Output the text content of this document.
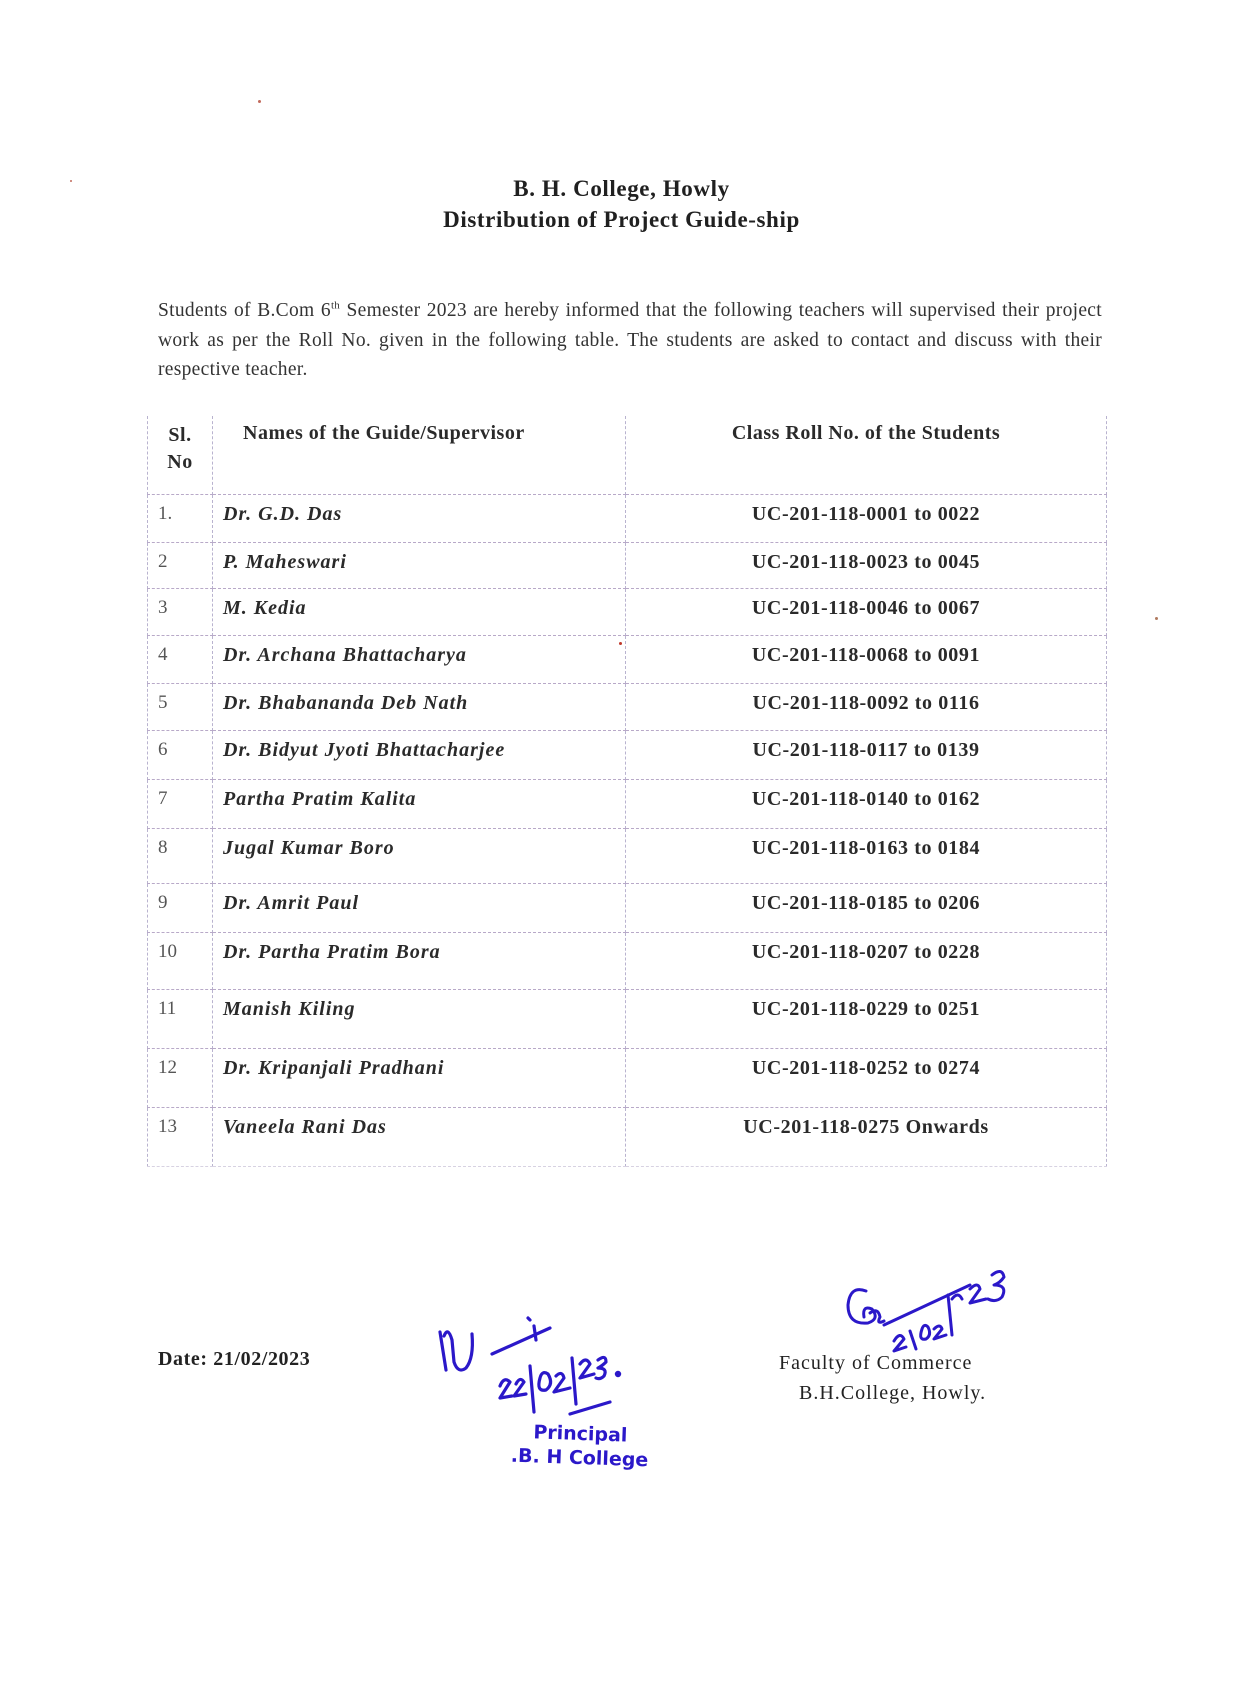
B. H. College, Howly
Distribution of Project Guide-ship
Students of B.Com 6th Semester 2023 are hereby informed that the following teachers will supervised their project work as per the Roll No. given in the following table. The students are asked to contact and discuss with their respective teacher.
Sl.
No	Names of the Guide/Supervisor	Class Roll No. of the Students
1.	Dr. G.D. Das	UC-201-118-0001 to 0022
2	P. Maheswari	UC-201-118-0023 to 0045
3	M. Kedia	UC-201-118-0046 to 0067
4	Dr. Archana Bhattacharya	UC-201-118-0068 to 0091
5	Dr. Bhabananda Deb Nath	UC-201-118-0092 to 0116
6	Dr. Bidyut Jyoti Bhattacharjee	UC-201-118-0117 to 0139
7	Partha Pratim Kalita	UC-201-118-0140 to 0162
8	Jugal Kumar Boro	UC-201-118-0163 to 0184
9	Dr. Amrit Paul	UC-201-118-0185 to 0206
10	Dr. Partha Pratim Bora	UC-201-118-0207 to 0228
11	Manish Kiling	UC-201-118-0229 to 0251
12	Dr. Kripanjali Pradhani	UC-201-118-0252 to 0274
13	Vaneela Rani Das	UC-201-118-0275 Onwards
Date: 21/02/2023
Principal
.B. H College
Faculty of Commerce
B.H.College, Howly.
